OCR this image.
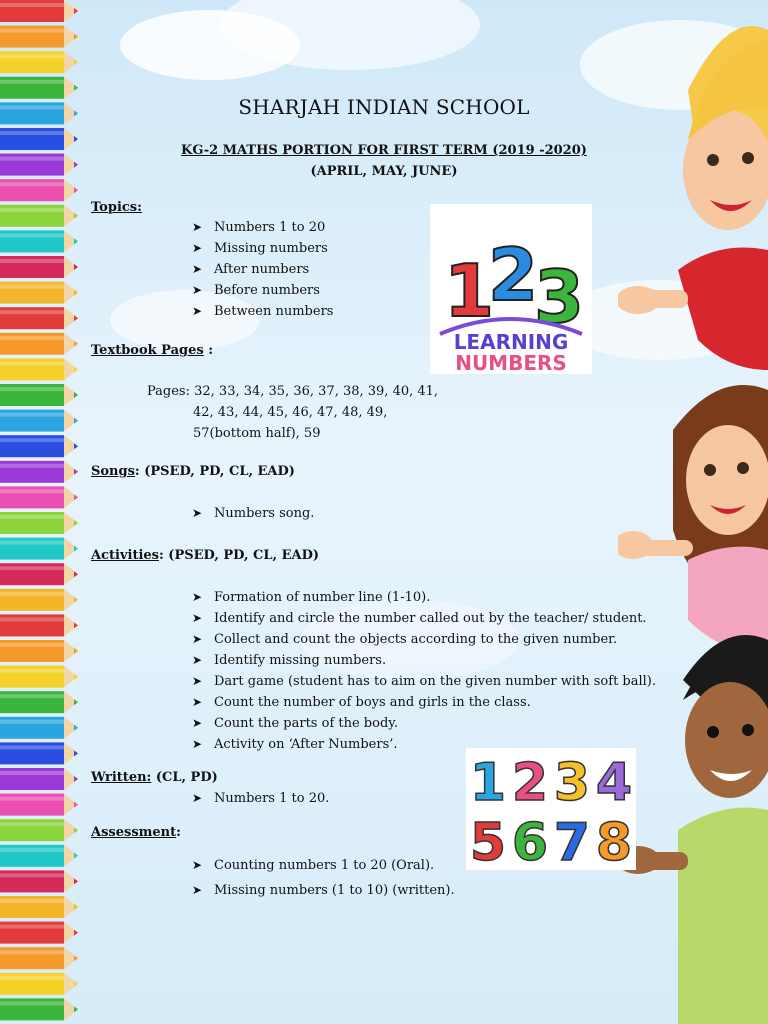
SHARJAH INDIAN SCHOOL
KG-2 MATHS PORTION FOR FIRST TERM (2019 -2020)
(APRIL, MAY, JUNE)
Topics:
➤ Numbers 1 to 20
➤ Missing numbers
➤ After numbers
➤ Before numbers
➤ Between numbers
Textbook Pages :
Pages: 32, 33, 34, 35, 36, 37, 38, 39, 40, 41,
42, 43, 44, 45, 46, 47, 48, 49,
57(bottom half), 59
Songs: (PSED, PD, CL, EAD)
➤ Numbers song.
Activities: (PSED, PD, CL, EAD)
➤ Formation of number line (1-10).
➤ Identify and circle the number called out by the teacher/ student.
➤ Collect and count the objects according to the given number.
➤ Identify missing numbers.
➤ Dart game (student has to aim on the given number with soft ball).
➤ Count the number of boys and girls in the class.
➤ Count the parts of the body.
➤ Activity on ‘After Numbers’.
Written: (CL, PD)
➤ Numbers 1 to 20.
Assessment:
➤ Counting numbers 1 to 20 (Oral).
➤ Missing numbers (1 to 10) (written).
1
2
3
LEARNING
NUMBERS
1 2 3 4
5 6 7 8
